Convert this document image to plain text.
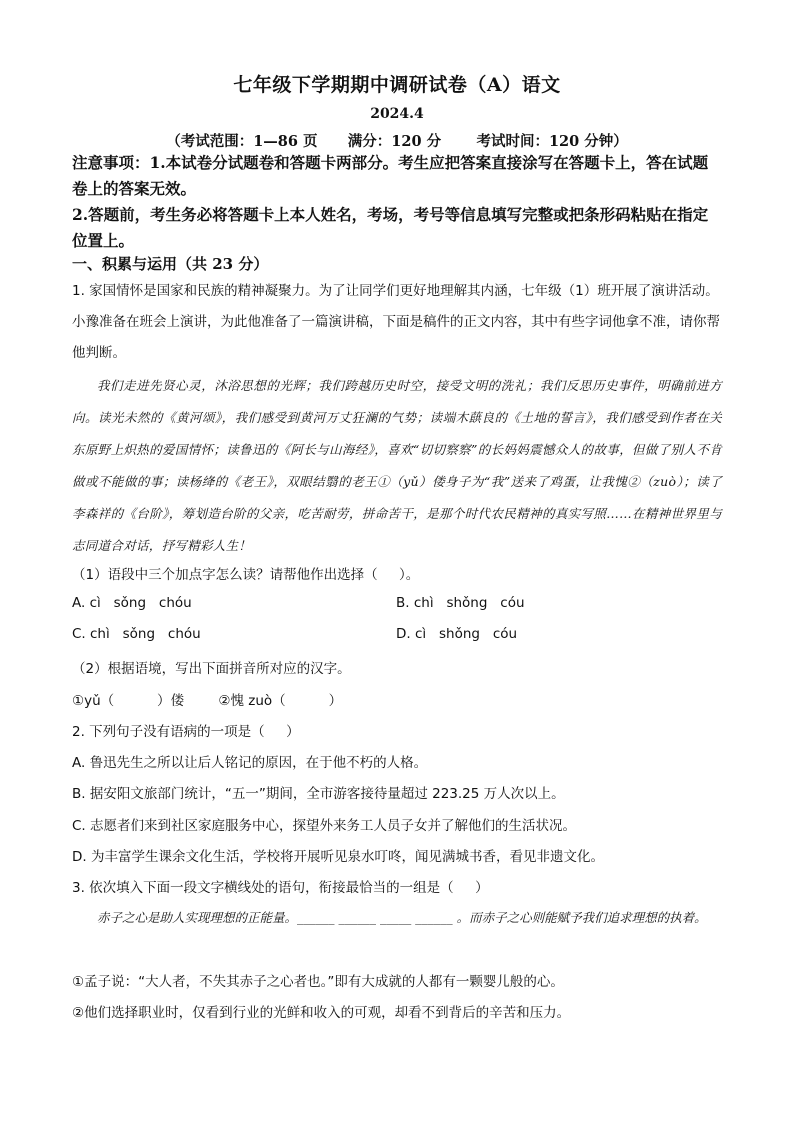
七年级下学期期中调研试卷（A）语文
2024.4
（考试范围：1—86 页      满分：120 分       考试时间：120 分钟）
注意事项：1.本试卷分试题卷和答题卡两部分。考生应把答案直接涂写在答题卡上，答在试题卷上的答案无效。
2.答题前，考生务必将答题卡上本人姓名，考场，考号等信息填写完整或把条形码粘贴在指定位置上。
一、积累与运用（共 23 分）
1. 家国情怀是国家和民族的精神凝聚力。为了让同学们更好地理解其内涵，七年级（1）班开展了演讲活动。小豫准备在班会上演讲，为此他准备了一篇演讲稿，下面是稿件的正文内容，其中有些字词他拿不准，请你帮他判断。
我们走进先贤心灵，沐浴思想的光辉；我们跨越历史时空，接受文明的洗礼；我们反思历史事件，明确前进方向。读光未然的《黄河颂》，我们感受到黄河万丈狂澜的气势；读端木蕻良的《土地的誓言》，我们感受到作者在关东原野上炽热的爱国情怀；读鲁迅的《阿长与山海经》，喜欢“切切察察”的长妈妈震憾众人的故事，但做了别人不肯做或不能做的事；读杨绛的《老王》，双眼结翳的老王①（yǔ）偻身子为“我”送来了鸡蛋，让我愧②（zuò）；读了李森祥的《台阶》，筹划造台阶的父亲，吃苦耐劳，拼命苦干，是那个时代农民精神的真实写照……在精神世界里与志同道合对话，抒写精彩人生！
（1）语段中三个加点字怎么读？请帮他作出选择（     ）。
A. cì   sǒng   chóu	B. chì   shǒng   cóu
C. chì   sǒng   chóu	D. cì   shǒng   cóu
（2）根据语境，写出下面拼音所对应的汉字。
①yǔ（          ）偻        ②愧 zuò（          ）
2. 下列句子没有语病的一项是（     ）
A. 鲁迅先生之所以让后人铭记的原因，在于他不朽的人格。
B. 据安阳文旅部门统计，“五一”期间，全市游客接待量超过 223.25 万人次以上。
C. 志愿者们来到社区家庭服务中心，探望外来务工人员子女并了解他们的生活状况。
D. 为丰富学生课余文化生活，学校将开展听见泉水叮咚，闻见满城书香，看见非遗文化。
3. 依次填入下面一段文字横线处的语句，衔接最恰当的一组是（     ）
赤子之心是助人实现理想的正能量。______ ______ _____ ______ 。而赤子之心则能赋予我们追求理想的执着。
①孟子说：“大人者，不失其赤子之心者也。”即有大成就的人都有一颗婴儿般的心。
②他们选择职业时，仅看到行业的光鲜和收入的可观，却看不到背后的辛苦和压力。
